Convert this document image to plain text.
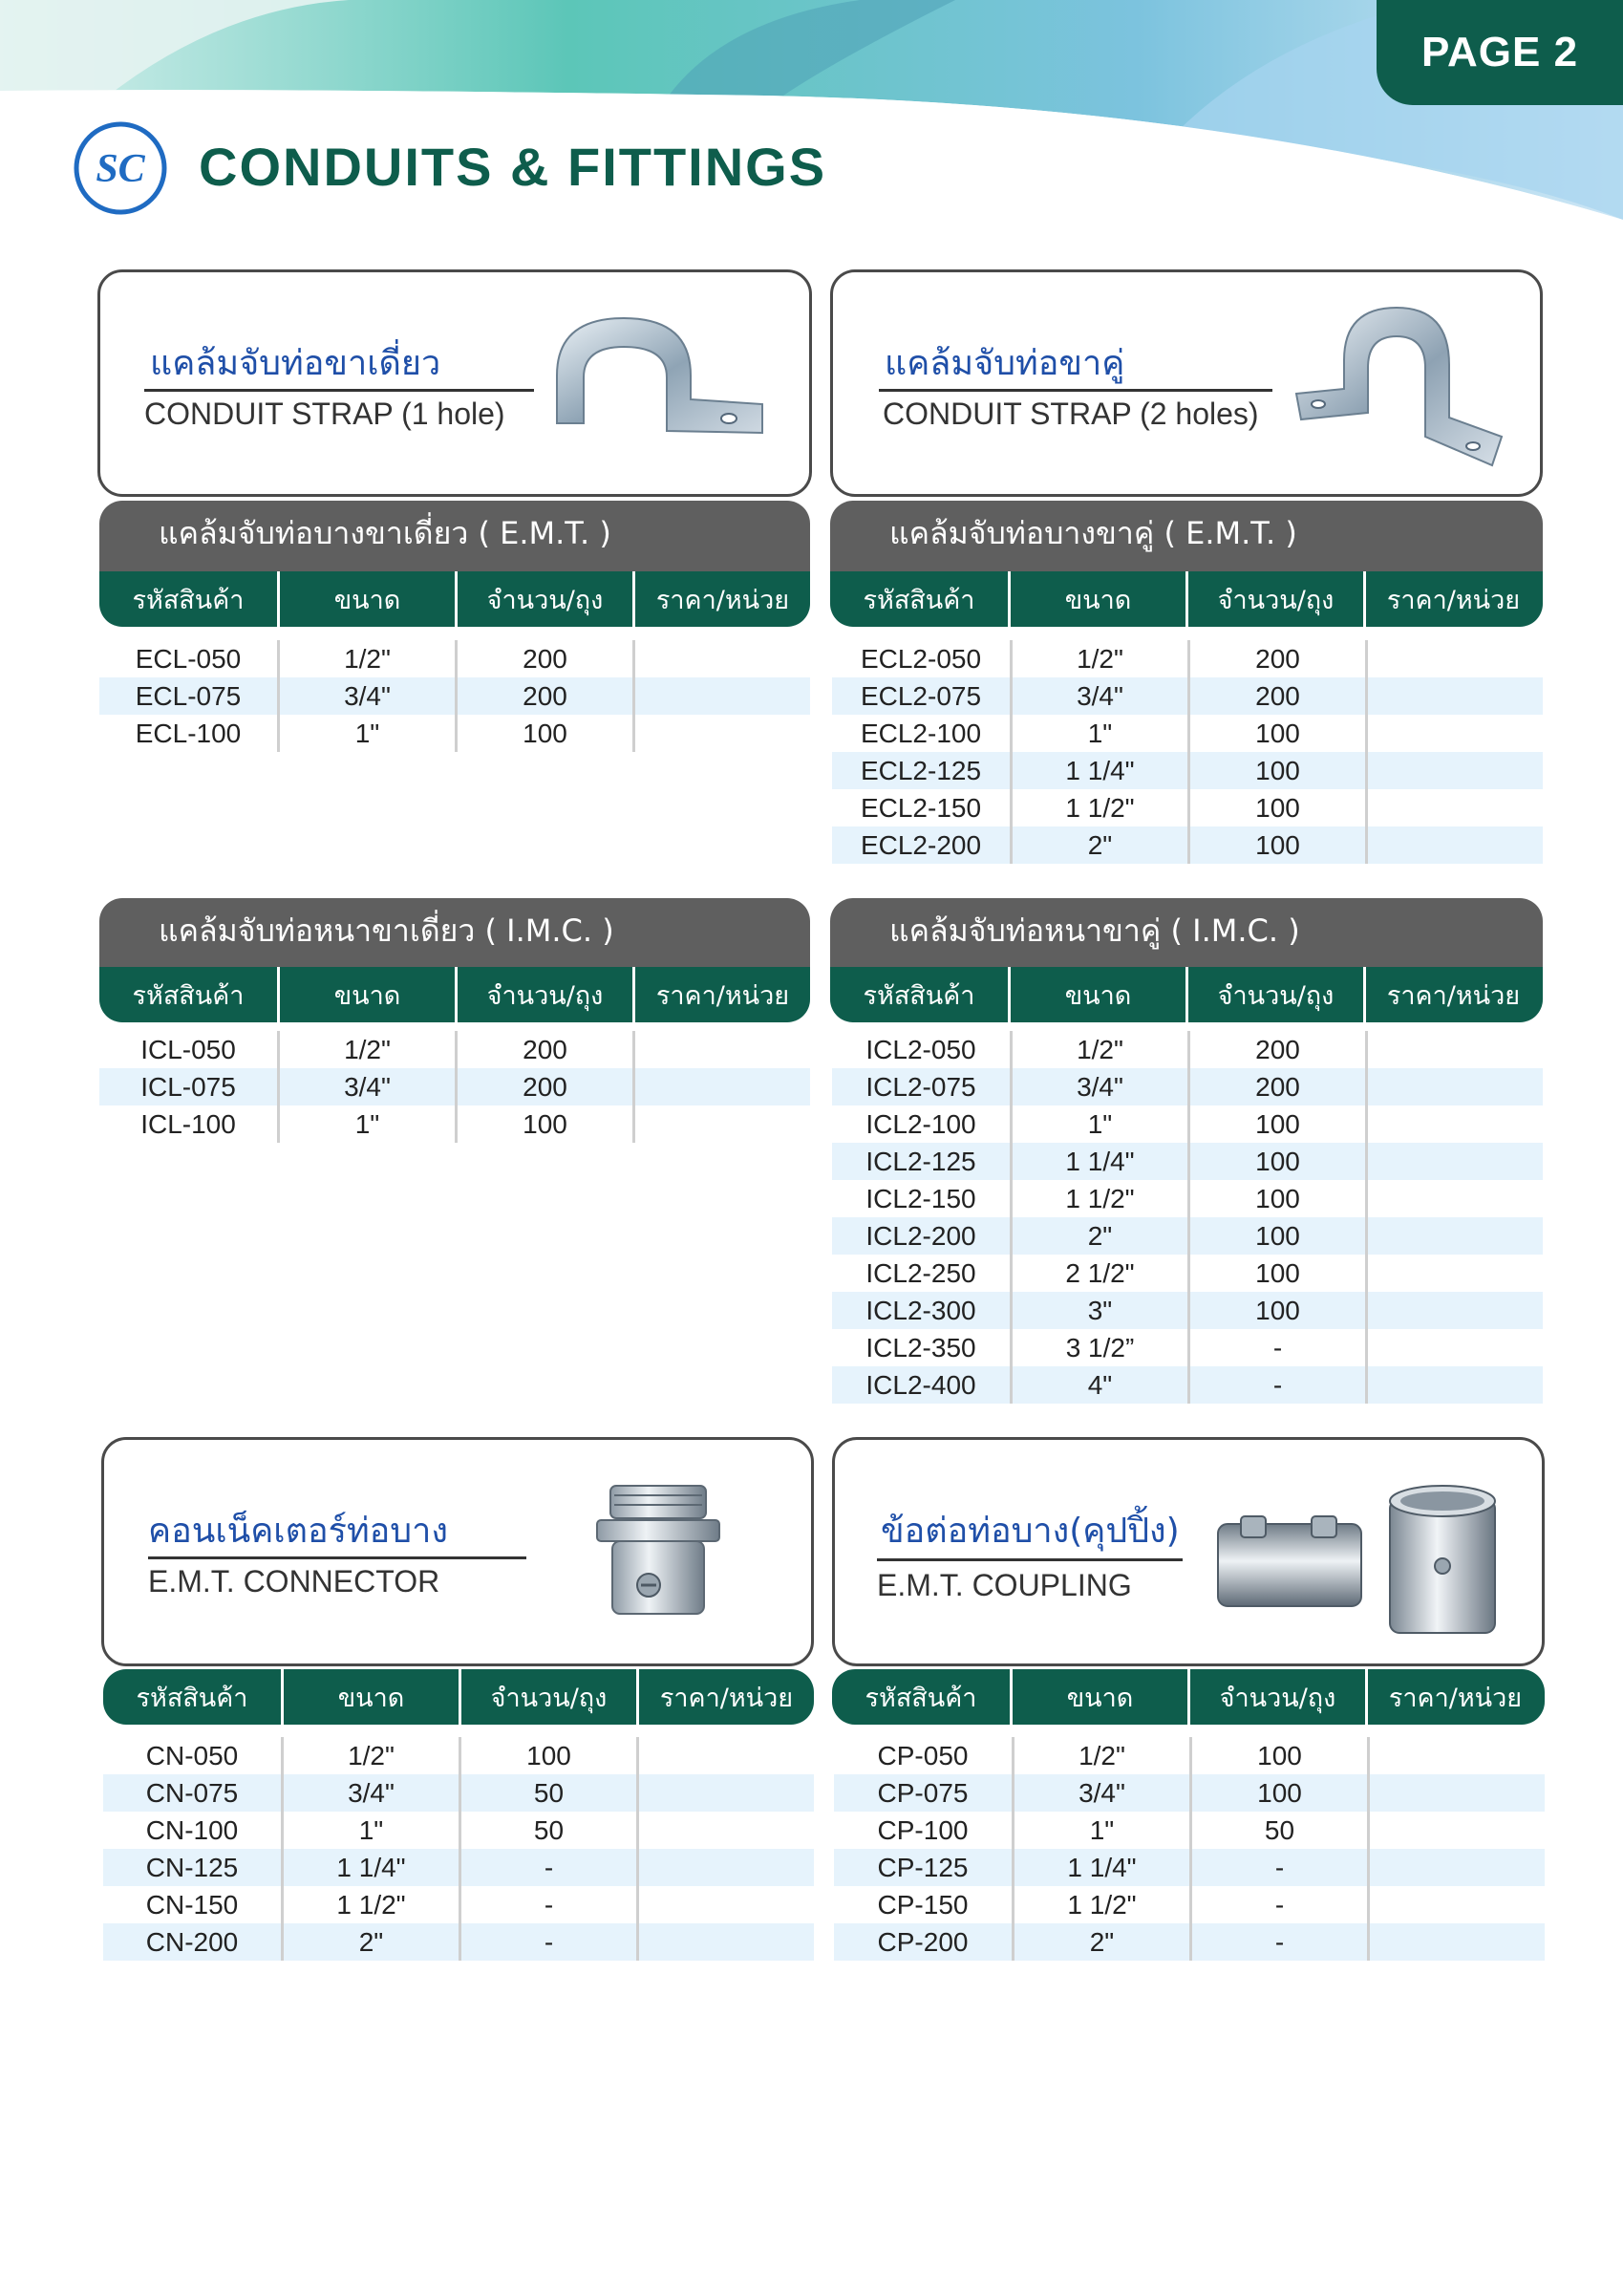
PAGE 2
SC CONDUITS & FITTINGS
แคล้มจับท่อขาเดี่ยว
CONDUIT STRAP (1 hole)
แคล้มจับท่อขาคู่
CONDUIT STRAP (2 holes)
แคล้มจับท่อบางขาเดี่ยว ( E.M.T. )
รหัสสินค้า	ขนาด	จำนวน/ถุง	ราคา/หน่วย
ECL-050	1/2"	200
ECL-075	3/4"	200
ECL-100	1"	100
แคล้มจับท่อบางขาคู่ ( E.M.T. )
รหัสสินค้า	ขนาด	จำนวน/ถุง	ราคา/หน่วย
ECL2-050	1/2"	200
ECL2-075	3/4"	200
ECL2-100	1"	100
ECL2-125	1 1/4"	100
ECL2-150	1 1/2"	100
ECL2-200	2"	100
แคล้มจับท่อหนาขาเดี่ยว ( I.M.C. )
รหัสสินค้า	ขนาด	จำนวน/ถุง	ราคา/หน่วย
ICL-050	1/2"	200
ICL-075	3/4"	200
ICL-100	1"	100
แคล้มจับท่อหนาขาคู่ ( I.M.C. )
รหัสสินค้า	ขนาด	จำนวน/ถุง	ราคา/หน่วย
ICL2-050	1/2"	200
ICL2-075	3/4"	200
ICL2-100	1"	100
ICL2-125	1 1/4"	100
ICL2-150	1 1/2"	100
ICL2-200	2"	100
ICL2-250	2 1/2"	100
ICL2-300	3"	100
ICL2-350	3 1/2”	-
ICL2-400	4"	-
คอนเน็คเตอร์ท่อบาง
E.M.T. CONNECTOR
ข้อต่อท่อบาง(คุปปิ้ง)
E.M.T. COUPLING
รหัสสินค้า	ขนาด	จำนวน/ถุง	ราคา/หน่วย
CN-050	1/2"	100
CN-075	3/4"	50
CN-100	1"	50
CN-125	1 1/4"	-
CN-150	1 1/2"	-
CN-200	2"	-
รหัสสินค้า	ขนาด	จำนวน/ถุง	ราคา/หน่วย
CP-050	1/2"	100
CP-075	3/4"	100
CP-100	1"	50
CP-125	1 1/4"	-
CP-150	1 1/2"	-
CP-200	2"	-
